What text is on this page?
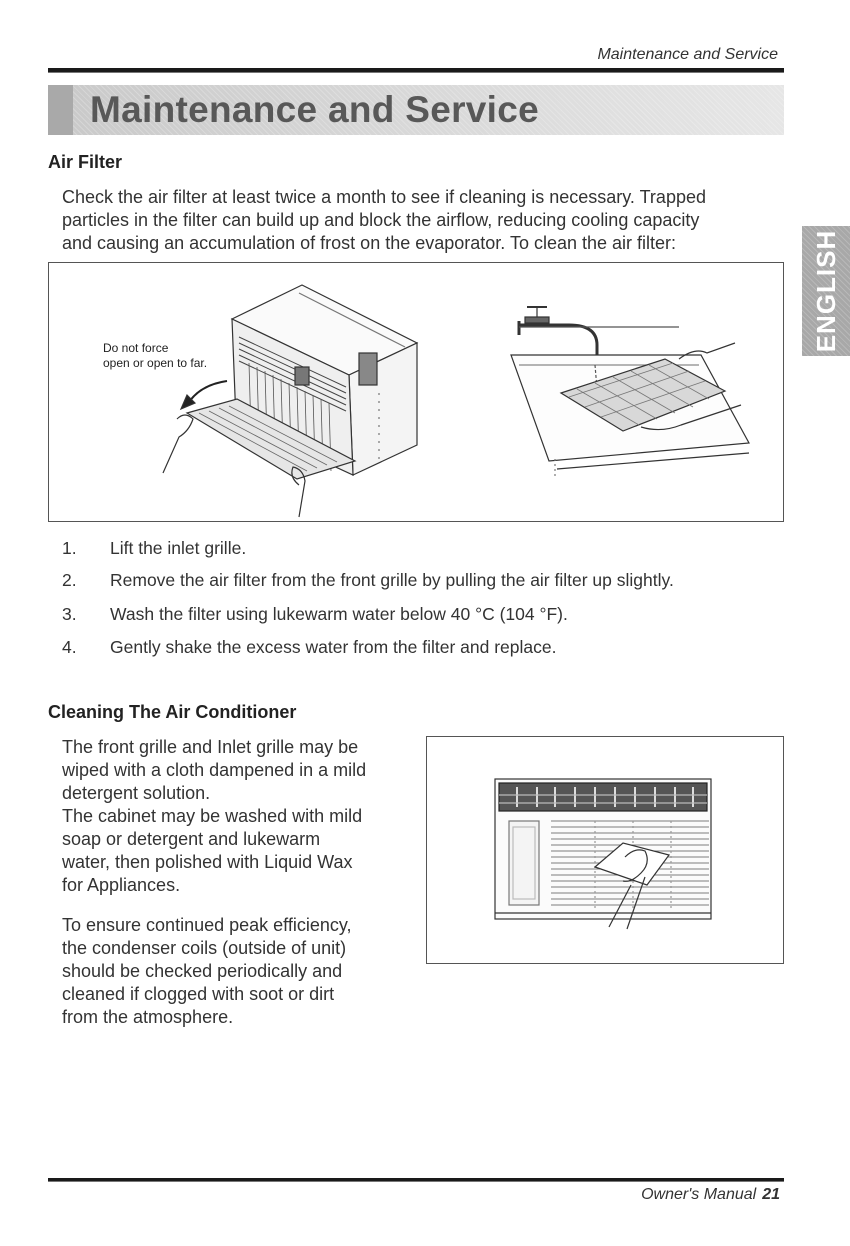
Maintenance and Service
Maintenance and Service
ENGLISH
Air Filter
Check the air filter at least twice a month to see if cleaning is necessary. Trapped
particles in the filter can build up and block the airflow, reducing cooling capacity
and causing an accumulation of frost on the evaporator. To clean the air filter:
Do not force
open or open to far.
1. Lift the inlet grille.
2. Remove the air filter from the front grille by pulling the air filter up slightly.
3. Wash the filter using lukewarm water below 40 °C (104 °F).
4. Gently shake the excess water from the filter and replace.
Cleaning The Air Conditioner
The front grille and Inlet grille may be
wiped with a cloth dampened in a mild
detergent solution.
The cabinet may be washed with mild
soap or detergent and lukewarm
water, then polished with Liquid Wax
for Appliances.
To ensure continued peak efficiency,
the condenser coils (outside of unit)
should be checked periodically and
cleaned if clogged with soot or dirt
from the atmosphere.
Owner's Manual 21
